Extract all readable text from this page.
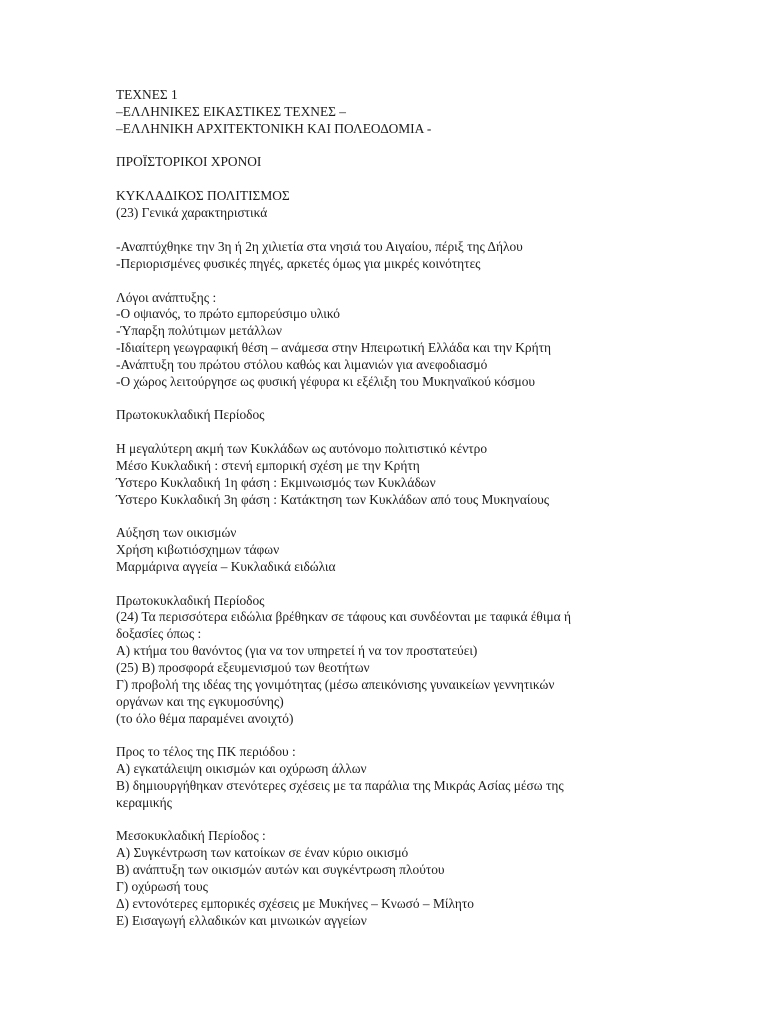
ΤΕΧΝΕΣ 1

–ΕΛΛΗΝΙΚΕΣ ΕΙΚΑΣΤΙΚΕΣ ΤΕΧΝΕΣ –

–ΕΛΛΗΝΙΚΗ ΑΡΧΙΤΕΚΤΟΝΙΚΗ ΚΑΙ ΠΟΛΕΟΔΟΜΙΑ -

ΠΡΟΪΣΤΟΡΙΚΟΙ ΧΡΟΝΟΙ

ΚΥΚΛΑΔΙΚΟΣ ΠΟΛΙΤΙΣΜΟΣ

(23) Γενικά χαρακτηριστικά

-Αναπτύχθηκε την 3η ή 2η χιλιετία στα νησιά του Αιγαίου, πέριξ της Δήλου

-Περιορισμένες φυσικές πηγές, αρκετές όμως για μικρές κοινότητες

Λόγοι ανάπτυξης :

-Ο οψιανός, το πρώτο εμπορεύσιμο υλικό

-Ύπαρξη πολύτιμων μετάλλων

-Ιδιαίτερη γεωγραφική θέση – ανάμεσα στην Ηπειρωτική Ελλάδα και την Κρήτη

-Ανάπτυξη του πρώτου στόλου καθώς και λιμανιών για ανεφοδιασμό

-Ο χώρος λειτούργησε ως φυσική γέφυρα κι εξέλιξη του Μυκηναϊκού κόσμου

Πρωτοκυκλαδική Περίοδος

Η μεγαλύτερη ακμή των Κυκλάδων ως αυτόνομο πολιτιστικό κέντρο

Μέσο Κυκλαδική : στενή εμπορική σχέση με την Κρήτη

Ύστερο Κυκλαδική 1η φάση : Εκμινωισμός των Κυκλάδων

Ύστερο Κυκλαδική 3η φάση : Κατάκτηση των Κυκλάδων από τους Μυκηναίους

Αύξηση των οικισμών

Χρήση κιβωτιόσχημων τάφων

Μαρμάρινα αγγεία – Κυκλαδικά ειδώλια

Πρωτοκυκλαδική Περίοδος

(24) Τα περισσότερα ειδώλια βρέθηκαν σε τάφους και συνδέονται με ταφικά έθιμα ή

δοξασίες όπως :

Α) κτήμα του θανόντος (για να τον υπηρετεί ή να τον προστατεύει)

(25) Β) προσφορά εξευμενισμού των θεοτήτων

Γ) προβολή της ιδέας της γονιμότητας (μέσω απεικόνισης γυναικείων γεννητικών

οργάνων και της εγκυμοσύνης)

(το όλο θέμα παραμένει ανοιχτό)

Προς το τέλος της ΠΚ περιόδου :

Α) εγκατάλειψη οικισμών και οχύρωση άλλων

Β) δημιουργήθηκαν στενότερες σχέσεις με τα παράλια της Μικράς Ασίας μέσω της

κεραμικής

Μεσοκυκλαδική Περίοδος :

Α) Συγκέντρωση των κατοίκων σε έναν κύριο οικισμό

Β) ανάπτυξη των οικισμών αυτών και συγκέντρωση πλούτου

Γ) οχύρωσή τους

Δ) εντονότερες εμπορικές σχέσεις με Μυκήνες – Κνωσό – Μίλητο

Ε) Εισαγωγή ελλαδικών και μινωικών αγγείων
